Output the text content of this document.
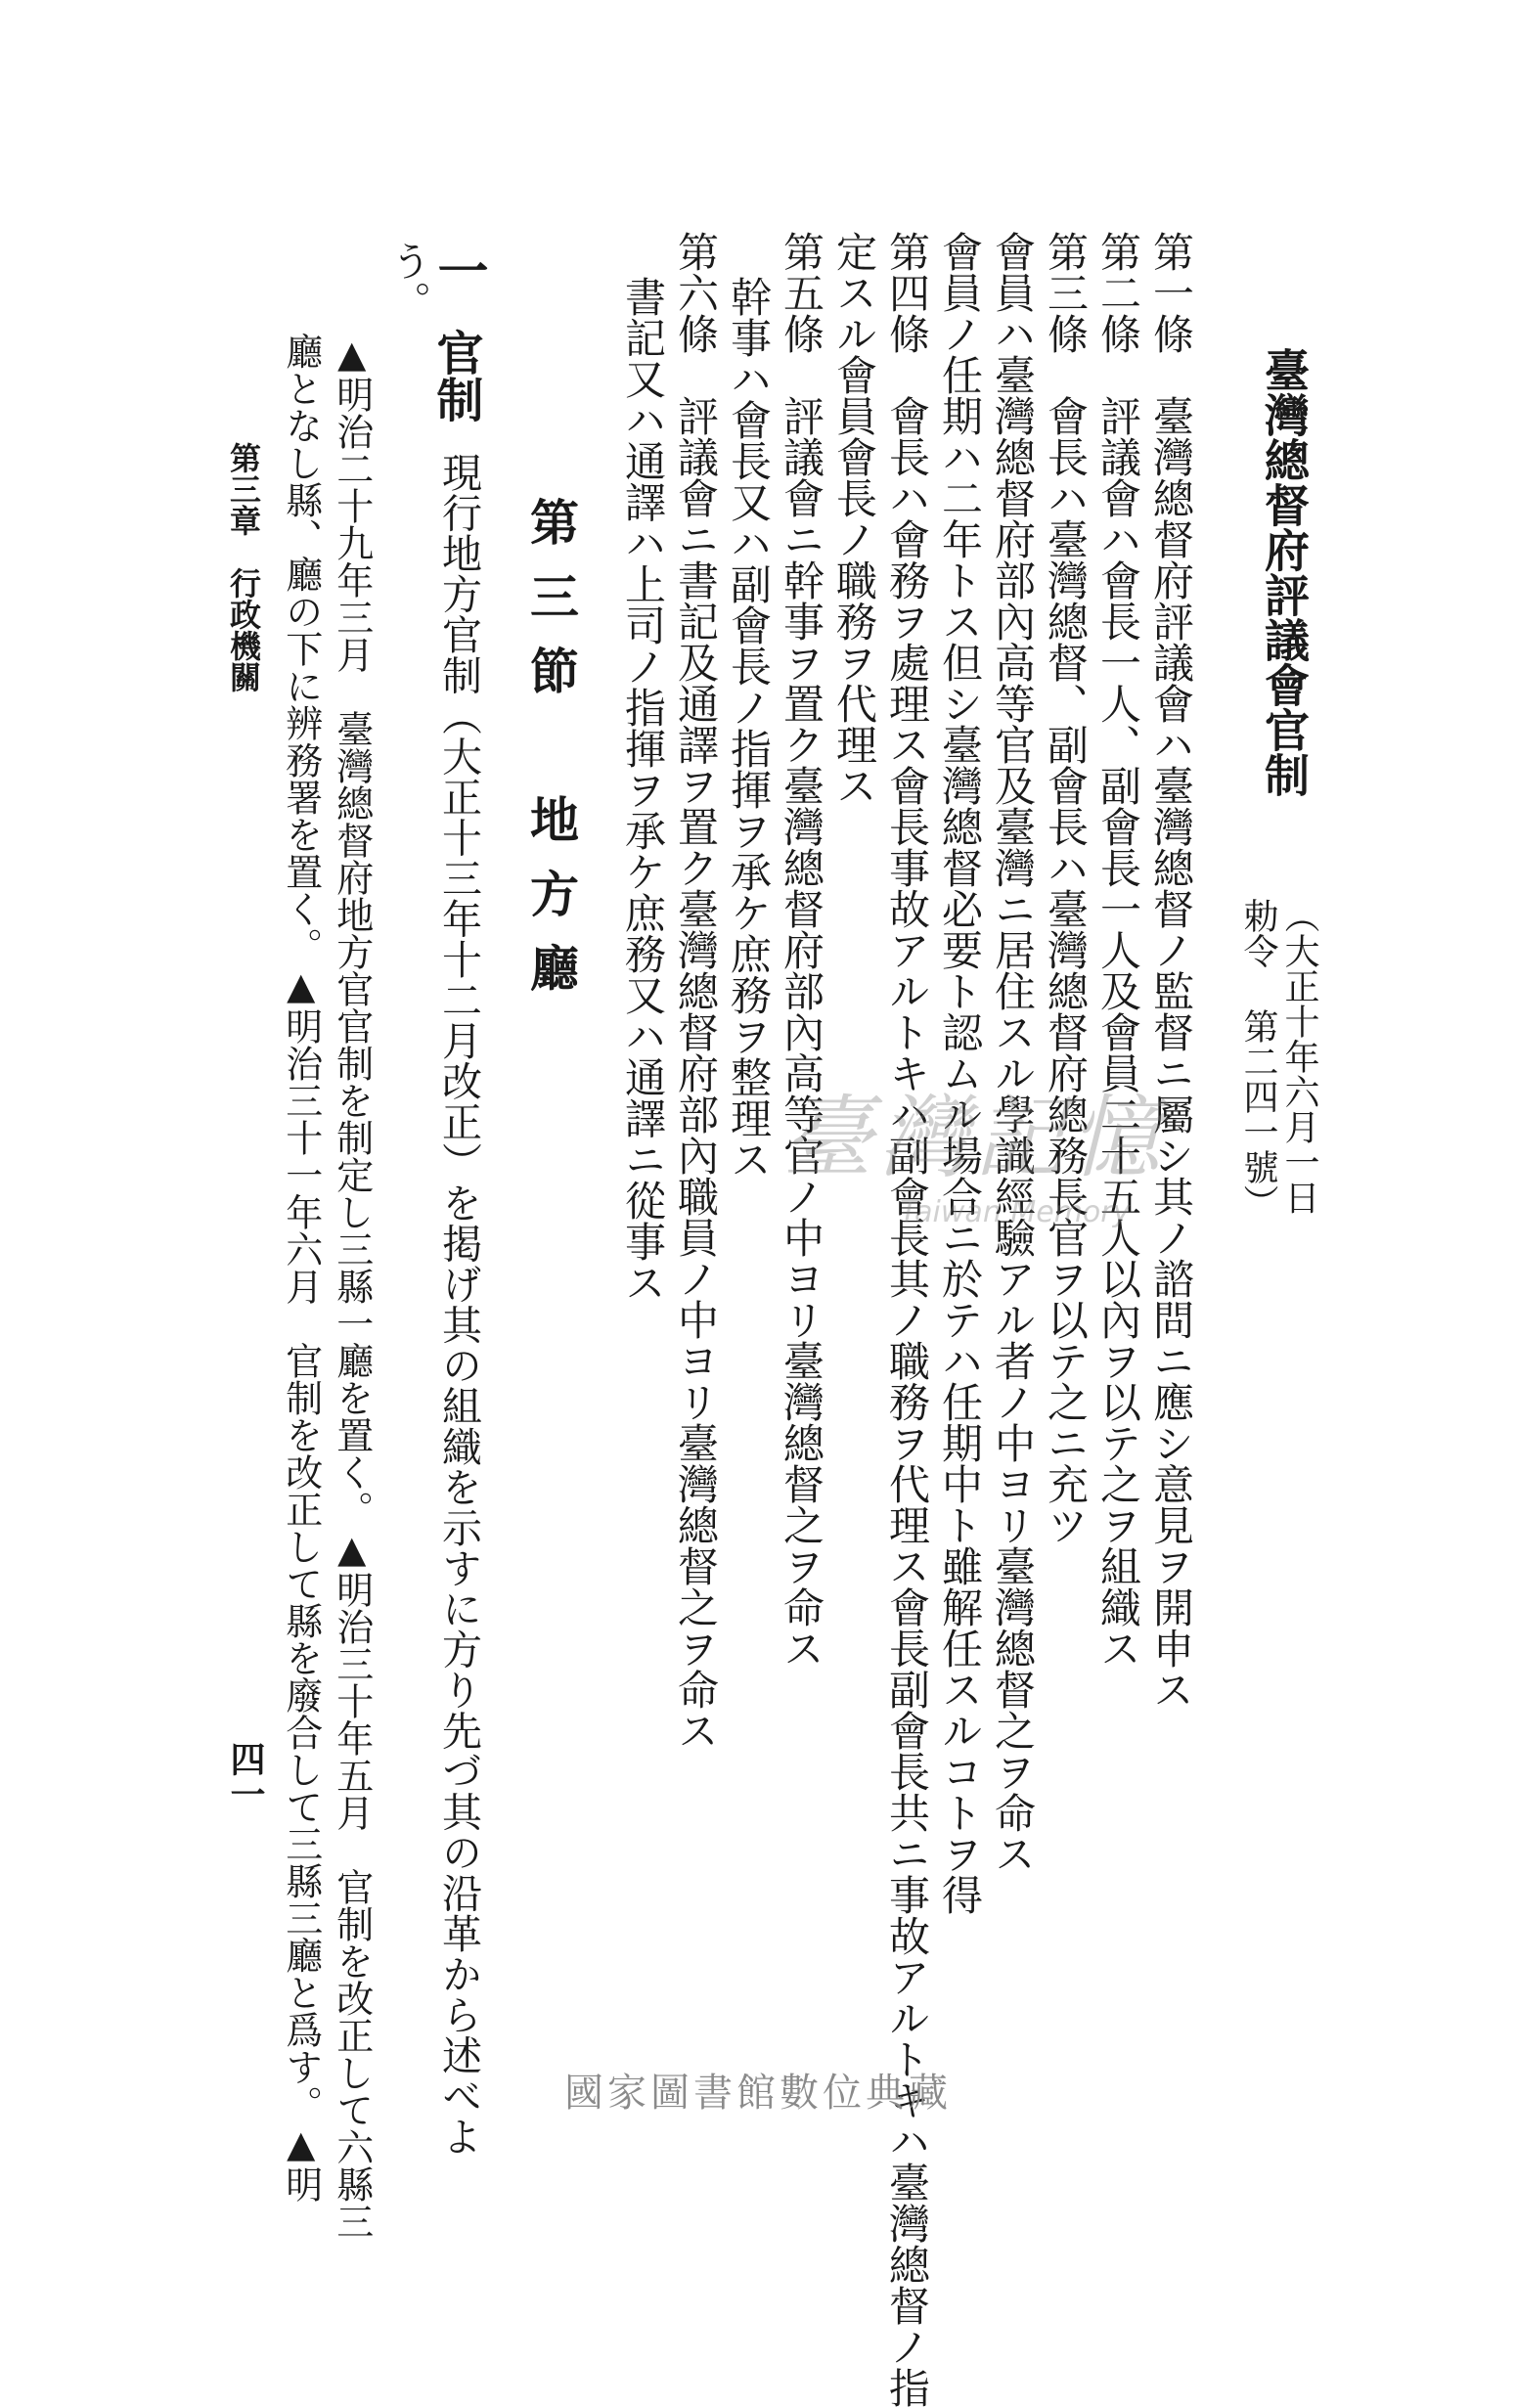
臺灣總督府評議會官制
（大正十年六月一日
勅令 第二四一號）
第一條　臺灣總督府評議會ハ臺灣總督ノ監督ニ屬シ其ノ諮問ニ應シ意見ヲ開申ス
第二條　評議會ハ會長一人、副會長一人及會員二十五人以內ヲ以テ之ヲ組織ス
第三條　會長ハ臺灣總督、副會長ハ臺灣總督府總務長官ヲ以テ之ニ充ツ
會員ハ臺灣總督府部內高等官及臺灣ニ居住スル學識經驗アル者ノ中ヨリ臺灣總督之ヲ命ス
會員ノ任期ハ二年トス但シ臺灣總督必要ト認ムル場合ニ於テハ任期中ト雖解任スルコトヲ得
第四條　會長ハ會務ヲ處理ス會長事故アルトキハ副會長其ノ職務ヲ代理ス會長副會長共ニ事故アルトキハ臺灣總督ノ指
定スル會員會長ノ職務ヲ代理ス
第五條　評議會ニ幹事ヲ置ク臺灣總督府部內高等官ノ中ヨリ臺灣總督之ヲ命ス
幹事ハ會長又ハ副會長ノ指揮ヲ承ケ庶務ヲ整理ス
第六條　評議會ニ書記及通譯ヲ置ク臺灣總督府部內職員ノ中ヨリ臺灣總督之ヲ命ス
書記又ハ通譯ハ上司ノ指揮ヲ承ケ庶務又ハ通譯ニ從事ス
第三節　地方廳
一
官制
現行地方官制（大正十三年十二月改正）を掲げ其の組織を示すに方り先づ其の沿革から述べよ
う。
▲明治二十九年三月　臺灣總督府地方官官制を制定し三縣一廳を置く。▲明治三十年五月　官制を改正して六縣三
廳となし縣、廳の下に辨務署を置く。▲明治三十一年六月　官制を改正して縣を廢合して三縣三廳と爲す。▲明
第三章　行政機關
四一
臺灣記憶
Taiwan Memory
國家圖書館數位典藏
